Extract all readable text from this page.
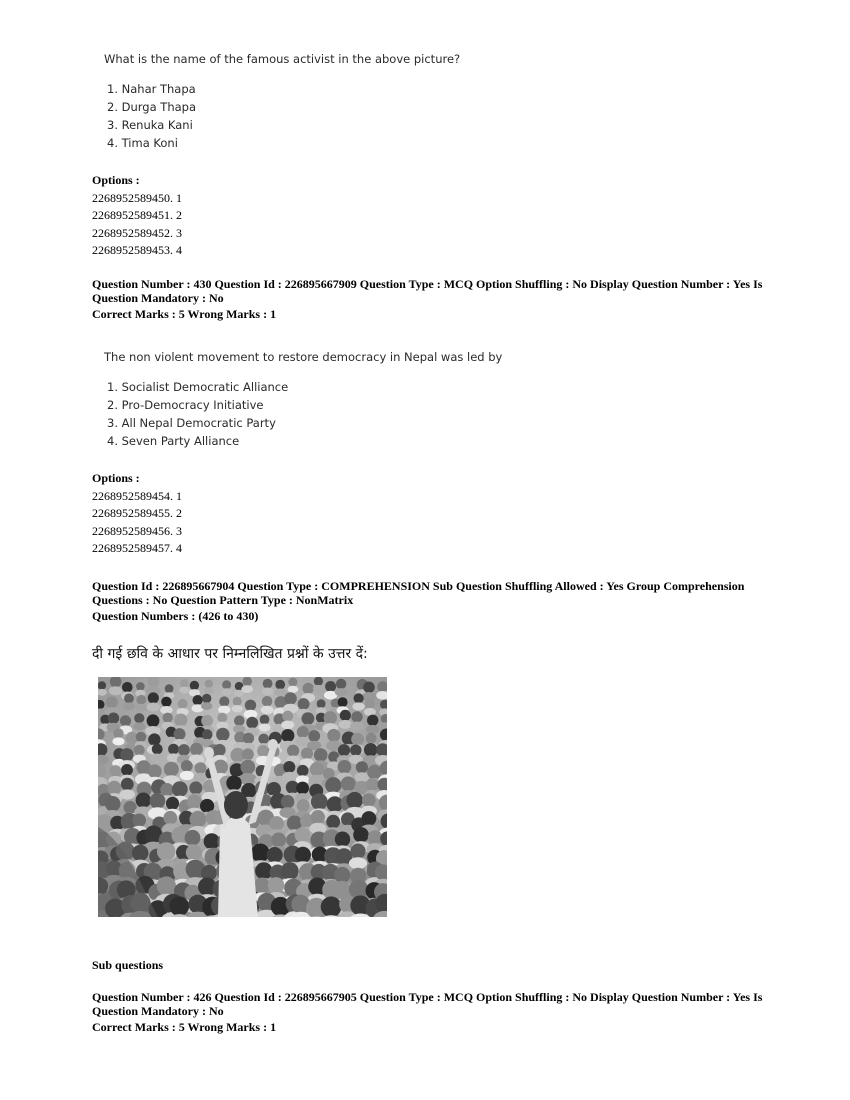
What is the name of the famous activist in the above picture?
1. Nahar Thapa
2. Durga Thapa
3. Renuka Kani
4. Tima Koni
Options :
2268952589450. 1
2268952589451. 2
2268952589452. 3
2268952589453. 4
Question Number : 430 Question Id : 226895667909 Question Type : MCQ Option Shuffling : No Display Question Number : Yes Is
Question Mandatory : No
Correct Marks : 5 Wrong Marks : 1
The non violent movement to restore democracy in Nepal was led by
1. Socialist Democratic Alliance
2. Pro-Democracy Initiative
3. All Nepal Democratic Party
4. Seven Party Alliance
Options :
2268952589454. 1
2268952589455. 2
2268952589456. 3
2268952589457. 4
Question Id : 226895667904 Question Type : COMPREHENSION Sub Question Shuffling Allowed : Yes Group Comprehension
Questions : No Question Pattern Type : NonMatrix
Question Numbers : (426 to 430)
दी गई छवि के आधार पर निम्नलिखित प्रश्नों के उत्तर दें:
Sub questions
Question Number : 426 Question Id : 226895667905 Question Type : MCQ Option Shuffling : No Display Question Number : Yes Is
Question Mandatory : No
Correct Marks : 5 Wrong Marks : 1
